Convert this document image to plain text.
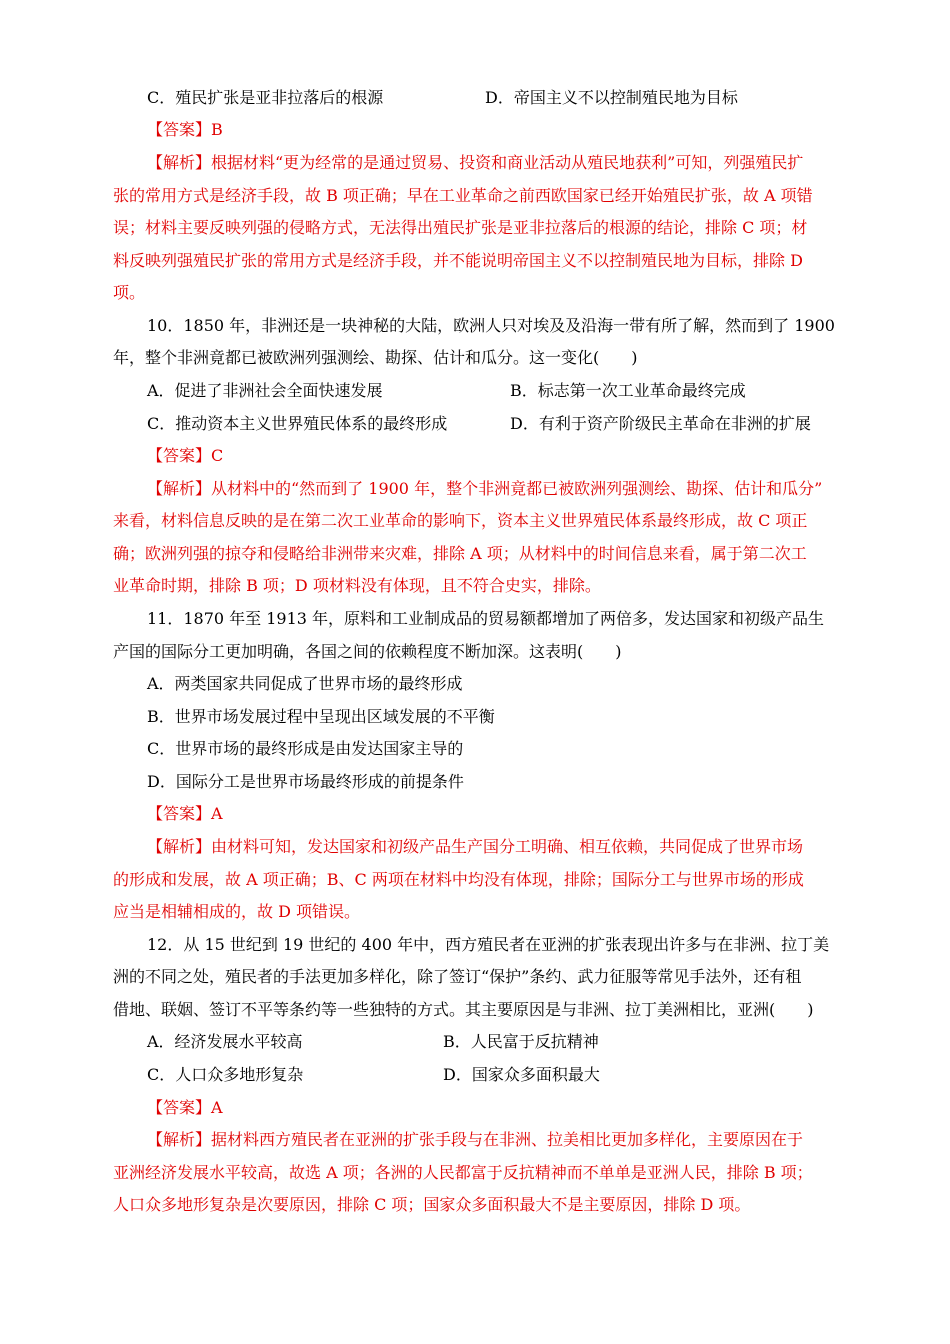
C．殖民扩张是亚非拉落后的根源	D．帝国主义不以控制殖民地为目标
【答案】B
【解析】根据材料“更为经常的是通过贸易、投资和商业活动从殖民地获利”可知，列强殖民扩
张的常用方式是经济手段，故 B 项正确；早在工业革命之前西欧国家已经开始殖民扩张，故 A 项错
误；材料主要反映列强的侵略方式，无法得出殖民扩张是亚非拉落后的根源的结论，排除 C 项；材
料反映列强殖民扩张的常用方式是经济手段，并不能说明帝国主义不以控制殖民地为目标，排除 D
项。
10．1850 年，非洲还是一块神秘的大陆，欧洲人只对埃及及沿海一带有所了解，然而到了 1900
年，整个非洲竟都已被欧洲列强测绘、勘探、估计和瓜分。这一变化(　　)
A．促进了非洲社会全面快速发展	B．标志第一次工业革命最终完成
C．推动资本主义世界殖民体系的最终形成	D．有利于资产阶级民主革命在非洲的扩展
【答案】C
【解析】从材料中的“然而到了 1900 年，整个非洲竟都已被欧洲列强测绘、勘探、估计和瓜分”
来看，材料信息反映的是在第二次工业革命的影响下，资本主义世界殖民体系最终形成，故 C 项正
确；欧洲列强的掠夺和侵略给非洲带来灾难，排除 A 项；从材料中的时间信息来看，属于第二次工
业革命时期，排除 B 项；D 项材料没有体现，且不符合史实，排除。
11．1870 年至 1913 年，原料和工业制成品的贸易额都增加了两倍多，发达国家和初级产品生
产国的国际分工更加明确，各国之间的依赖程度不断加深。这表明(　　)
A．两类国家共同促成了世界市场的最终形成
B．世界市场发展过程中呈现出区域发展的不平衡
C．世界市场的最终形成是由发达国家主导的
D．国际分工是世界市场最终形成的前提条件
【答案】A
【解析】由材料可知，发达国家和初级产品生产国分工明确、相互依赖，共同促成了世界市场
的形成和发展，故 A 项正确；B、C 两项在材料中均没有体现，排除；国际分工与世界市场的形成
应当是相辅相成的，故 D 项错误。
12．从 15 世纪到 19 世纪的 400 年中，西方殖民者在亚洲的扩张表现出许多与在非洲、拉丁美
洲的不同之处，殖民者的手法更加多样化，除了签订“保护”条约、武力征服等常见手法外，还有租
借地、联姻、签订不平等条约等一些独特的方式。其主要原因是与非洲、拉丁美洲相比，亚洲(　　)
A．经济发展水平较高	B．人民富于反抗精神
C．人口众多地形复杂	D．国家众多面积最大
【答案】A
【解析】据材料西方殖民者在亚洲的扩张手段与在非洲、拉美相比更加多样化，主要原因在于
亚洲经济发展水平较高，故选 A 项；各洲的人民都富于反抗精神而不单单是亚洲人民，排除 B 项；
人口众多地形复杂是次要原因，排除 C 项；国家众多面积最大不是主要原因，排除 D 项。
